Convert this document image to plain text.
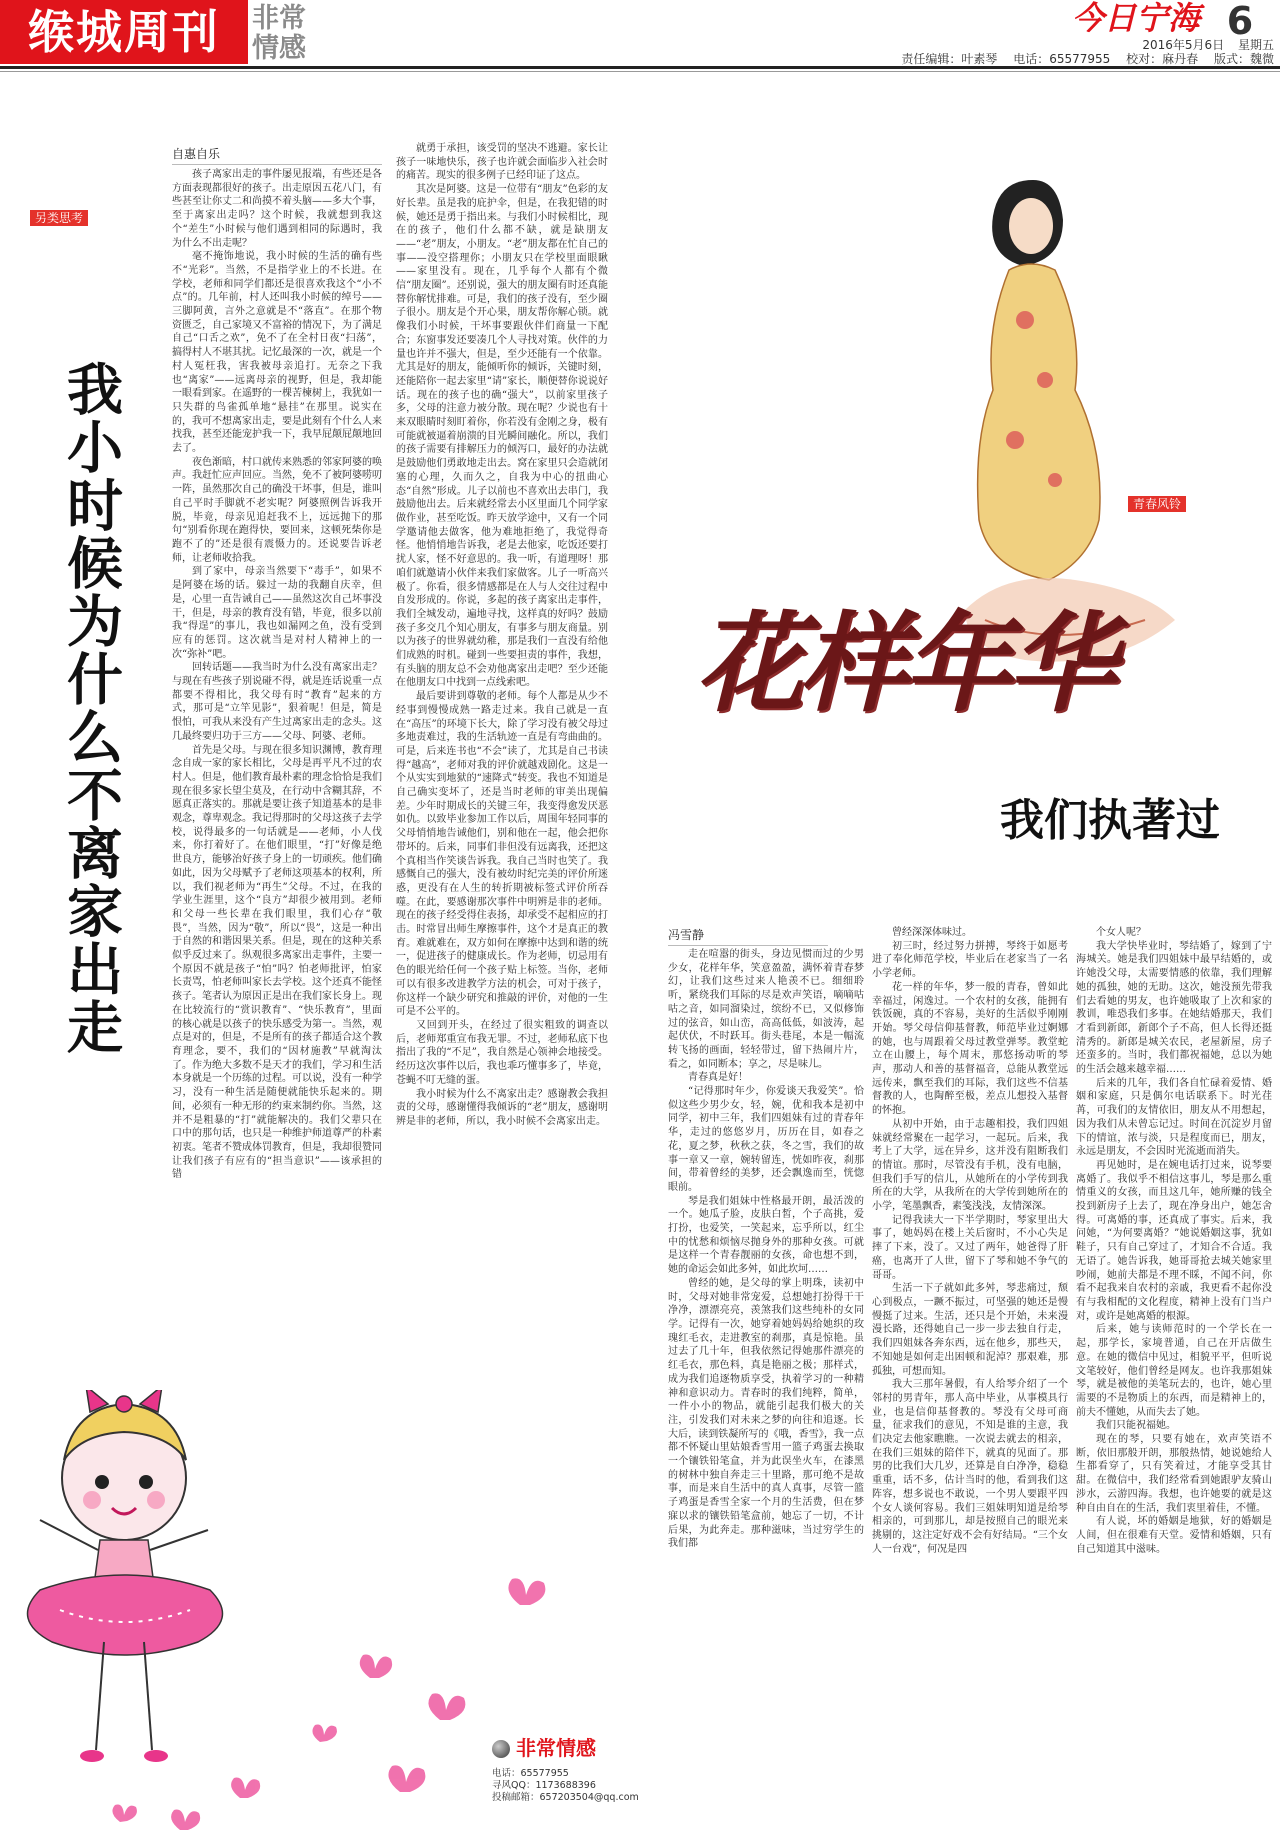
缑城周刊	非常情感
今日宁海 6
2016年5月6日 星期五
责任编辑：叶素琴 电话：65577955 校对：麻丹春 版式：魏微
另类思考
我小时候为什么不离家出走
自惠自乐

孩子离家出走的事件屡见报端，有些还是各方面表现都很好的孩子。出走原因五花八门，有些甚至让你丈二和尚摸不着头脑——多大个事，至于离家出走吗？这个时候，我就想到我这个“差生”小时候与他们遇到相同的际遇时，我为什么不出走呢？

毫不掩饰地说，我小时候的生活的确有些不“光彩”。当然，不是指学业上的不长进。在学校，老师和同学们都还是很喜欢我这个“小不点”的。几年前，村人还叫我小时候的绰号——三脚阿黄，言外之意就是不“落直”。在那个物资匮乏，自己家境又不富裕的情况下，为了满足自己“口舌之欢”，免不了在全村日夜“扫荡”，搞得村人不堪其扰。记忆最深的一次，就是一个村人冤枉我，害我被母亲追打。无奈之下我也“离家”——远离母亲的视野，但是，我却能一眼看到家。在遥野的一棵苦楝树上，我犹如一只失群的鸟雀孤单地“悬挂”在那里。说实在的，我可不想离家出走，要是此刻有个什么人来找我，甚至还能宠护我一下，我早屁颠屁颠地回去了。

夜色渐暗，村口就传来熟悉的邻家阿婆的唤声。我赶忙应声回应。当然，免不了被阿婆唠叨一阵，虽然那次自己的确没干坏事，但是，谁叫自己平时手脚就不老实呢？阿婆照例告诉我开脱，毕竟，母亲见追赶我不上，远远抛下的那句“别看你现在跑得快，要回来，这顿死柴你是跑不了的”还是很有震慑力的。还说要告诉老师，让老师收拾我。

到了家中，母亲当然要下“毒手”，如果不是阿婆在场的话。躲过一劫的我翻自庆幸，但是，心里一直告诫自己——虽然这次自己坏事没干，但是，母亲的教育没有错，毕竟，很多以前我“得逞”的事儿，我也如漏网之鱼，没有受到应有的惩罚。这次就当是对村人精神上的一次“弥补”吧。

回转话题——我当时为什么没有离家出走？与现在有些孩子别说碰不得，就是连话说重一点都要不得相比，我父母有时“教育”起来的方式，那可是“立竿见影”，狠着呢！但是，简是恨怕，可我从来没有产生过离家出走的念头。这几最终要归功于三方——父母、阿婆、老师。

首先是父母。与现在很多知识渊博，教育理念自成一家的家长相比，父母是再平凡不过的农村人。但是，他们教育最朴素的理念恰恰是我们现在很多家长望尘莫及，在行动中含糊其辞，不愿真正落实的。那就是要让孩子知道基本的是非观念，尊卑观念。我记得那时的父母这孩子去学校，说得最多的一句话就是——老师，小人伐来，你打着好了。在他们眼里，“打”好像是绝世良方，能够治好孩子身上的一切顽疾。他们确如此，因为父母赋予了老师这项基本的权利，所以，我们视老师为“再生”父母。不过，在我的学业生涯里，这个“良方”却很少被用到。老师和父母一些长辈在我们眼里，我们心存“敬畏”，当然，因为“敬”，所以“畏”，这是一种出于自然的和谐因果关系。但是，现在的这种关系似乎反过来了。纵观很多离家出走事件，主要一个原因不就是孩子“怕”吗？怕老师批评，怕家长责骂，怕老师叫家长去学校。这个还真不能怪孩子。笔者认为原因正是出在我们家长身上。现在比较流行的“赏识教育”、“快乐教育”，里面的核心就是以孩子的快乐感受为第一。当然，观点是对的，但是，不是所有的孩子都适合这个教育理念，要不，我们的“因材施教”早就淘汰了。作为绝大多数不是天才的我们，学习和生活本身就是一个历练的过程。可以说，没有一种学习，没有一种生活是随便就能快乐起来的。期间，必须有一种无形的约束来制约你。当然，这并不是粗暴的“打”就能解决的。我们父辈只在口中的那句话，也只是一种维护师道尊严的朴素初衷。笔者不赞成体罚教育，但是，我却很赞同让我们孩子有应有的“担当意识”——该承担的错

就勇于承担，该受罚的坚决不逃避。家长让孩子一味地快乐，孩子也许就会面临步入社会时的痛苦。现实的很多例子已经印证了这点。

其次是阿婆。这是一位带有“朋友”色彩的友好长辈。虽是我的庇护伞，但是，在我犯错的时候，她还是勇于指出来。与我们小时候相比，现在的孩子，他们什么都不缺，就是缺朋友——“老”朋友，小朋友。“老”朋友都在忙自己的事——没空搭理你；小朋友只在学校里面眼瞅——家里没有。现在，几乎每个人都有个微信“朋友圈”。还别说，强大的朋友圈有时还真能替你解忧排难。可是，我们的孩子没有，至少圈子很小。朋友是个开心果，朋友帮你解心锁。就像我们小时候，干坏事要跟伙伴们商量一下配合；东窗事发还要凑几个人寻找对策。伙伴的力量也许并不强大，但是，至少还能有一个依靠。尤其是好的朋友，能倾听你的倾诉，关键时刻，还能陪你一起去家里“请”家长，顺便替你说说好话。现在的孩子也的确“强大”，以前家里孩子多，父母的注意力被分散。现在呢？少说也有十来双眼睛时刻盯着你，你若没有金刚之身，极有可能就被逼着崩溃的目光瞬间融化。所以，我们的孩子需要有排解压力的倾泻口，最好的办法就是鼓励他们勇敢地走出去。窝在家里只会造就闭塞的心理，久而久之，自我为中心的扭曲心态“自然”形成。儿子以前也不喜欢出去串门，我鼓励他出去。后来就经常去小区里面几个同学家做作业，甚至吃饭。昨天放学途中，又有一个同学邀请他去做客，他为难地拒绝了，我觉得奇怪。他悄悄地告诉我，老是去他家，吃饭还要打扰人家，怪不好意思的。我一听，有道理呀！那咱们就邀请小伙伴来我们家做客。儿子一听高兴极了。你看，很多情感都是在人与人交往过程中自发形成的。你说，多起的孩子离家出走事件，我们全城发动，遍地寻找，这样真的好吗？鼓励孩子多交几个知心朋友，有事多与朋友商量。别以为孩子的世界就幼稚，那是我们一直没有给他们成熟的时机。碰到一些要担责的事件，我想，有头脑的朋友总不会劝他离家出走吧？至少还能在他朋友口中找到一点线索吧。

最后要讲到尊敬的老师。每个人都是从少不经事到慢慢成熟一路走过来。我自己就是一直在“高压”的环境下长大，除了学习没有被父母过多地责难过，我的生活轨迹一直是有弯曲曲的。可是，后来连书也“不会”读了，尤其是自己书读得“越高”，老师对我的评价就越戏剧化。这是一个从实实到地狱的“速降式”转变。我也不知道是自己确实变坏了，还是当时老师的审美出现偏差。少年时期成长的关键三年，我变得愈发厌恶如仇。以致毕业参加工作以后，周围年轻同事的父母悄悄地告诫他们，别和他在一起，他会把你带坏的。后来，同事们非但没有远离我，还把这个真相当作笑谈告诉我。我自己当时也笑了。我感慨自己的强大，没有被幼时纪完美的评价所迷惑，更没有在人生的转折期被标签式评价所吞噬。在此，要感谢那次事件中明辨是非的老师。现在的孩子经受得住表扬，却承受不起相应的打击。时常冒出师生摩擦事件，这个才是真正的教育。难就难在，双方如何在摩擦中达到和谐的统一，促进孩子的健康成长。作为老师，切忌用有色的眼光给任何一个孩子贴上标签。当你，老师可以有很多改进教学方法的机会，可对于孩子，你这样一个缺少研究和推敲的评价，对他的一生可是不公平的。

又回到开头，在经过了很实粗致的调查以后，老师郑重宣布我无罪。不过，老师私底下也指出了我的“不足”，我自然是心领神会地接受。经历这次事件以后，我也乖巧懂事多了，毕竟，苍蝇不叮无缝的蛋。

我小时候为什么不离家出走？感谢教会我担责的父母，感谢懂得我倾诉的“老”朋友，感谢明辨是非的老师，所以，我小时候不会离家出走。

非常情感
电话：65577955
寻风QQ：1173688396
投稿邮箱：657203504@qq.com
青春风铃
花样年华
我们执著过
冯雪静

走在喧嚣的街头，身边见惯而过的少男少女，花样年华，笑意盈盈，满怀着青春梦幻，让我们这些过来人艳羡不已。细细聆听，紧绕我们耳际的尽是欢声笑语，嘀嘀咕咕之音，如同溜染过，缤纷不已，又似修饰过的弦音，如山峦，高高低低，如波涛，起起伏伏，不时跃耳。街头巷尾，本是一幅流转飞扬的画面，轻轻带过，留下热闹片片，看之，如同断本；享之，尽是味儿。

青春真是好！

“记得那时年少，你爱谈天我爱笑”。恰似这些少男少女，轻，婉，优和我本是初中同学，初中三年，我们四姐妹有过的青春年华，走过的悠悠岁月，历历在目，如春之花，夏之梦，秋秋之获，冬之雪，我们的故事一章又一章，婉转留连，恍如昨夜，刹那间，带着曾经的美梦，还会飘逸而至，恍惚眼前。

琴是我们姐妹中性格最开朗，最活泼的一个。她瓜子脸，皮肤白皙，个子高挑，爱打扮，也爱笑，一笑起来，忘乎所以，红尘中的忧愁和烦恼尽抛身外的那种女孩。可就是这样一个青春靓丽的女孩，命也想不到，她的命运会如此多舛，如此坎坷……

曾经的她，是父母的掌上明珠，读初中时，父母对她非常宠爱，总想她打扮得干干净净，漂漂亮亮，羡煞我们这些纯朴的女同学。记得有一次，她穿着她妈妈给她织的玫瑰红毛衣，走进教室的刹那，真是惊艳。虽过去了几十年，但我依然记得她那件漂亮的红毛衣，那色料，真是艳丽之极；那样式，成为我们追逐物质享受，执着学习的一种精神和意识动力。青春时的我们纯粹，简单，一件小小的物品，就能引起我们极大的关注，引发我们对未来之梦的向往和追逐。长大后，读到铁凝所写的《哦，香雪》，我一点都不怀疑山里姑娘香雪用一篮子鸡蛋去换取一个镶铁铅笔盒，并为此误坐火车，在漆黑的树林中独自奔走三十里路，那可绝不是故事，而是来自生活中的真人真事，尽管一篮子鸡蛋是香雪全家一个月的生活费，但在梦寐以求的镶铁铅笔盒前，她忘了一切，不计后果，为此奔走。那种滋味，当过穷学生的我们都

曾经深深体味过。

初三时，经过努力拼搏，琴终于如愿考进了奉化师范学校，毕业后在老家当了一名小学老师。

花一样的年华，梦一般的青春，曾如此幸福过，闲逸过。一个农村的女孩，能拥有铁饭碗，真的不容易，美好的生活似乎刚刚开始。琴父母信仰基督教，师范毕业过婀娜的她，也与周跟着父母过教堂弹琴。教堂蛇立在山腰上，每个周末，那悠扬动听的琴声，那动人和善的基督福音，总能从教堂远远传来，飘至我们的耳际，我们这些不信基督教的人，也陶醉至极，差点儿想投入基督的怀抱。

从初中开始，由于志趣相投，我们四姐妹就经常聚在一起学习，一起玩。后来，我考上了大学，远在异乡，这并没有阻断我们的情谊。那时，尽管没有手机，没有电脑，但我们手写的信儿，从她所在的小学传到我所在的大学，从我所在的大学传到她所在的小学，笔墨飘香，素笺浅浅，友情深深。

记得我读大一下半学期时，琴家里出大事了，她妈妈在楼上关后窗时，不小心失足摔了下来，没了。又过了两年，她爸得了肝癌，也离开了人世，留下了琴和她不争气的哥哥。

生活一下子就如此多舛，琴悲痛过，颓心到极点，一蹶不振过，可坚强的她还是慢慢挺了过来。生活，还只是个开始，未来漫漫长路，还得她自己一步一步去独自行走，我们四姐妹各奔东西，远在他乡，那些天，不知她是如何走出困顿和泥淖？那艰难，那孤独，可想而知。

我大三那年暑假，有人给琴介绍了一个邻村的男青年，那人高中毕业，从事模具行业，也是信仰基督教的。琴没有父母可商量，征求我们的意见，不知是谁的主意，我们决定去他家瞧瞧。一次说去就去的相亲，在我们三姐妹的陪伴下，就真的见面了。那男的比我们大几岁，还算是自白净净，稳稳重重，话不多，估计当时的他，看到我们这阵容，想多说也不敢说，一个男人要跟平四个女人谈何容易。我们三姐妹明知道是给琴相亲的，可到那儿，却是按照自己的眼光来挑剔的，这注定好戏不会有好结局。“三个女人一台戏”，何况是四

个女人呢？

我大学快毕业时，琴结婚了，嫁到了宁海城关。她是我们四姐妹中最早结婚的，或许她没父母，太需要情感的依靠，我们理解她的孤独，她的无助。这次，她没预先带我们去看她的男友，也许她吸取了上次和家的教训，唯恐我们多事。在她结婚那天，我们才看到新郎，新郎个子不高，但人长得还挺清秀的。新郎是城关农民，老屋新屋，房子还蛮多的。当时，我们都祝福她，总以为她的生活会越来越幸福……

后来的几年，我们各自忙碌着爱情、婚姻和家庭，只是偶尔电话联系下。时光荏苒，可我们的友情依旧，朋友从不用想起，因为我们从未曾忘记过。时间在沉淀岁月留下的情谊，浓与淡，只是程度而已，朋友，永远是朋友，不会因时光流逝而消失。

再见她时，是在婉电话打过来，说琴要离婚了。我似乎不相信这事儿，琴是那么重情重义的女孩，而且这几年，她所赚的钱全投到新房子上去了，现在净身出户，她怎舍得。可离婚的事，还真成了事实。后来，我问她，“为何要离婚？”她说婚姻这事，犹如鞋子，只有自己穿过了，才知合不合适。我无语了。她告诉我，她哥哥抢去城关她家里吵闹，她前夫都是不理不睬，不闻不问，你看不起我来自农村的亲戚，我更看不起你没有与我相配的文化程度，精神上没有门当户对，或许是她离婚的根源。

后来，她与读师范时的一个学长在一起，那学长，家境普通，自己在开店做生意。在她的微信中见过，相貌平平，但听说文笔较好，他们曾经是网友。也许我那姐妹琴，就是被他的美笔玩去的，也许，她心里需要的不是物质上的东西，而是精神上的，前夫不懂她，从而失去了她。

我们只能祝福她。

现在的琴，只要有她在，欢声笑语不断，依旧那般开朗，那般热情，她说她给人生都看穿了，只有笑着过，才能享受其甘甜。在微信中，我们经常看到她跟驴友骑山涉水，云游四海。我想，也许她要的就是这种自由自在的生活，我们衷里着佳，不懂。

有人说，坏的婚姻是地狱，好的婚姻是人间，但在很难有天堂。爱情和婚姻，只有自己知道其中滋味。
